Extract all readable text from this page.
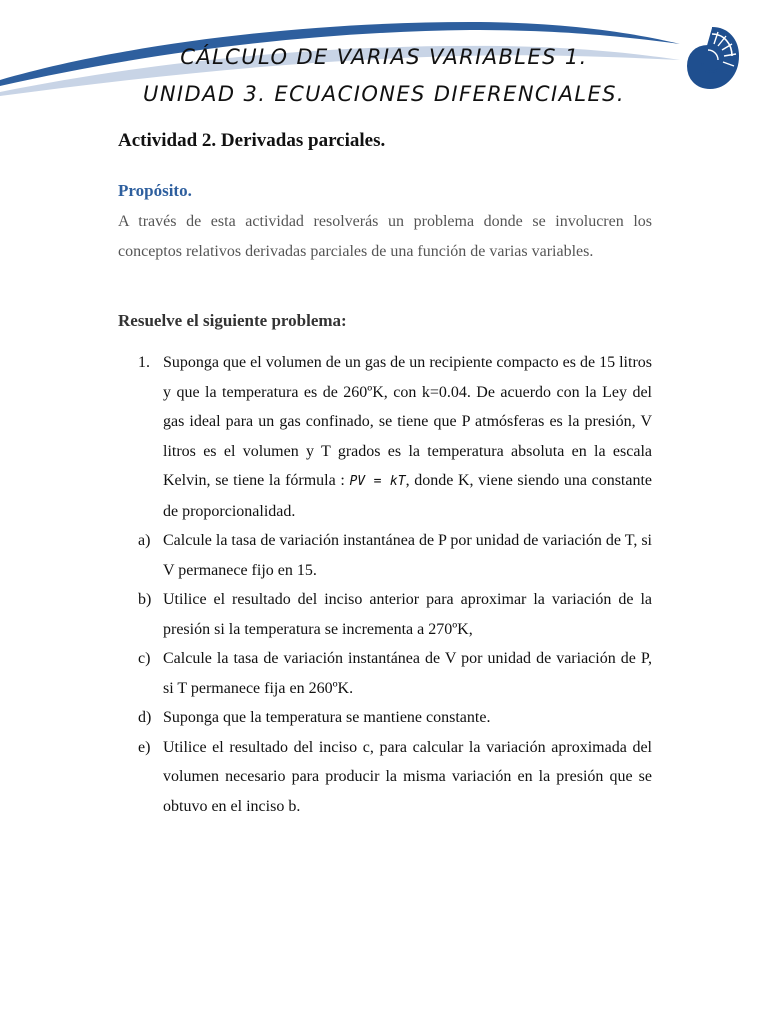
CÁLCULO DE VARIAS VARIABLES 1.
UNIDAD 3. ECUACIONES DIFERENCIALES.
Actividad 2. Derivadas parciales.
Propósito.
A través de esta actividad resolverás un problema donde se involucren los conceptos relativos derivadas parciales de una función de varias variables.
Resuelve el siguiente problema:
1. Suponga que el volumen de un gas de un recipiente compacto es de 15 litros y que la temperatura es de 260ºK, con k=0.04. De acuerdo con la Ley del gas ideal para un gas confinado, se tiene que P atmósferas es la presión, V litros es el volumen y T grados es la temperatura absoluta en la escala Kelvin, se tiene la fórmula : PV = kT, donde K, viene siendo una constante de proporcionalidad.
a) Calcule la tasa de variación instantánea de P por unidad de variación de T, si V permanece fijo en 15.
b) Utilice el resultado del inciso anterior para aproximar la variación de la presión si la temperatura se incrementa a 270ºK,
c) Calcule la tasa de variación instantánea de V por unidad de variación de P, si T permanece fija en 260ºK.
d) Suponga que la temperatura se mantiene constante.
e) Utilice el resultado del inciso c, para calcular la variación aproximada del volumen necesario para producir la misma variación en la presión que se obtuvo en el inciso b.
